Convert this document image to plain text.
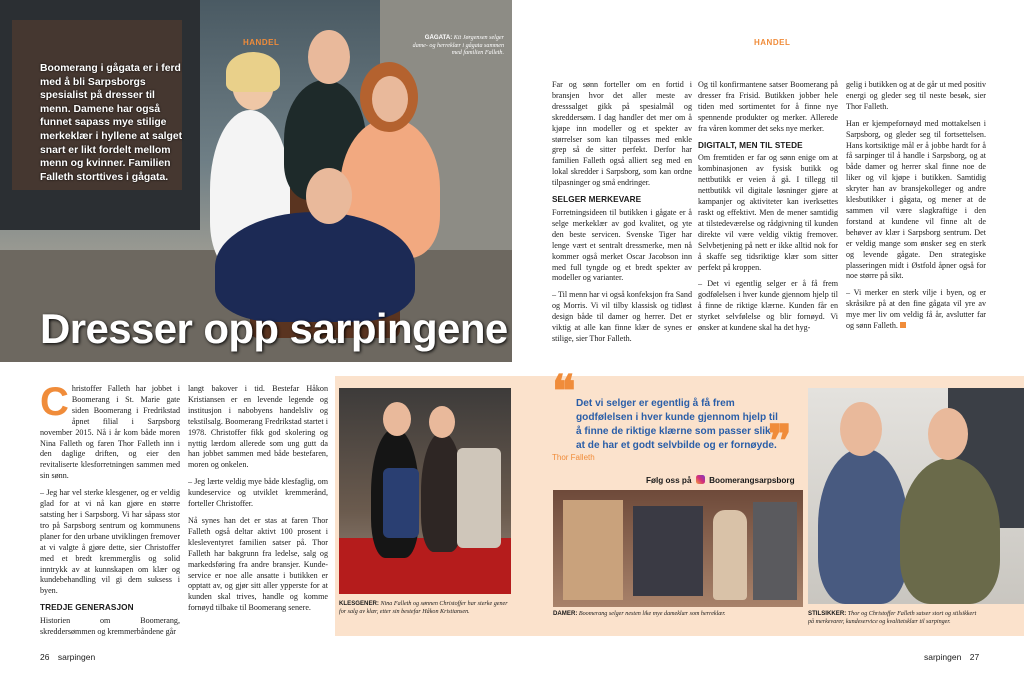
HANDEL
Boomerang i gågata er i ferd med å bli Sarpsborgs spesialist på dresser til menn. Damene har også funnet sapass mye stilige merkeklær i hyllene at salget snart er likt fordelt mellom menn og kvinner. Familien Falleth storttives i gågata.
GÅGATA: Kit Jørgensen selger dame- og herreklær i gågata sammen med familien Falleth.
Dresser opp sarpingene
HANDEL

Far og sønn forteller om en fortid i bransjen hvor det aller meste av dresssalget gikk på spesialmål og skreddersøm. I dag handler det mer om å kjøpe inn modeller og et spekter av størrelser som kan tilpasses med enkle grep så de sitter perfekt. Derfor har familien Falleth også alliert seg med en lokal skredder i Sarpsborg, som kan ordne tilpasninger og små endringer.

SELGER MERKEVARE

Forretningsideen til butikken i gågate er å selge merkeklær av god kvalitet, og yte den beste servicen. Svenske Tiger har lenge vært et sentralt dressmerke, men nå kommer også merket Oscar Jacobson inn med full tyngde og et bredt spekter av modeller og varianter.

– Til menn har vi også konfeksjon fra Sand og Morris. Vi vil tilby klassisk og tidløst design både til damer og herrer. Det er viktig at alle kan finne klær de synes er stilige, sier Thor Falleth.

Og til konfirmantene satser Boomerang på dresser fra Frisid. Butikken jobber hele tiden med sortimentet for å finne nye spennende produkter og merker. Allerede fra våren kommer det seks nye merker.

DIGITALT, MEN TIL STEDE

Om fremtiden er far og sønn enige om at kombinasjonen av fysisk butikk og nettbutikk er veien å gå. I tillegg til nettbutikk vil digitale løsninger gjøre at kampanjer og aktiviteter kan iverksettes raskt og effektivt. Men de mener samtidig at tilstedeværelse og rådgivning til kunden direkte vil være veldig viktig fremover. Selvbetjening på nett er ikke alltid nok for å skaffe seg tidsriktige klær som sitter perfekt på kroppen.

– Det vi egentlig selger er å få frem godfølelsen i hver kunde gjennom hjelp til å finne de riktige klærne. Kunden får en styrket selvfølelse og blir fornøyd. Vi ønsker at kundene skal ha det hyg-

gelig i butikken og at de går ut med positiv energi og gleder seg til neste besøk, sier Thor Falleth.

Han er kjempefornøyd med mottakelsen i Sarpsborg, og gleder seg til fortsettelsen. Hans kortsiktige mål er å jobbe hardt for å få sarpinger til å handle i Sarpsborg, og at både damer og herrer skal finne noe de liker og vil kjøpe i butikken. Samtidig skryter han av bransjekolleger og andre klesbutikker i gågata, og mener at de sammen vil være slagkraftige i den forstand at kundene vil finne alt de behøver av klær i Sarpsborg sentrum. Det er veldig mange som ønsker seg en sterk og levende gågate. Den strategiske plasseringen midt i Østfold åpner også for noe større på sikt.

– Vi merker en sterk vilje i byen, og er skråsikre på at den fine gågata vil yre av mye mer liv om veldig få år, avslutter far og sønn Falleth.

Christoffer Falleth har jobbet i Boomerang i St. Marie gate siden Boomerang i Fredrikstad åpnet filial i Sarpsborg november 2015. Nå i år kom både moren Nina Falleth og faren Thor Falleth inn i den daglige driften, og eier den revitaliserte klesforretningen sammen med sin sønn.

– Jeg har vel sterke klesgener, og er veldig glad for at vi nå kan gjøre en større satsting her i Sarpsborg. Vi har såpass stor tro på Sarpsborg sentrum og kommunens planer for den urbane utviklingen fremover at vi valgte å gjøre dette, sier Christoffer med et bredt kremmerglis og solid inntrykk av at kunnskapen om klær og kundebehandling vil gi dem suksess i byen.

TREDJE GENERASJON

Historien om Boomerang, skreddersømmen og kremmerbåndene går

langt bakover i tid. Bestefar Håkon Kristiansen er en levende legende og institusjon i nabobyens handelsliv og tekstilsalg. Boomerang Fredrikstad startet i 1978. Christoffer fikk god skolering og nyttig lærdom allerede som ung gutt da han jobbet sammen med både bestefaren, moren og onkelen.

– Jeg lærte veldig mye både klesfaglig, om kundeservice og utviklet kremmerånd, forteller Christoffer.

Nå synes han det er stas at faren Thor Falleth også deltar aktivt 100 prosent i klesleventyret familien satser på. Thor Falleth har bakgrunn fra ledelse, salg og markedsføring fra andre bransjer. Kunde-service er noe alle ansatte i butikken er opptatt av, og gjør sitt aller ypperste for at kunden skal trives, handle og komme fornøyd tilbake til Boomerang senere.	KLESGENER: Nina Falleth og sønnen Christoffer har sterke gener for salg av klær, etter sin bestefar Håkon Kristiansen.
❝ Det vi selger er egentlig å få frem godfølelsen i hver kunde gjennom hjelp til å finne de riktige klærne som passer slik at de har et godt selvbilde og er fornøyde.
❞
Thor Falleth
Følg oss på Boomerangsarpsborg
DAMER: Boomerang selger nesten like mye dameklær som herreklær.	STILSIKKER: Thor og Christoffer Falleth satser stort og stilsikkert på merkevarer, kundeservice og kvalitetsklær til sarpinger.
26 sarpingen	sarpingen 27
